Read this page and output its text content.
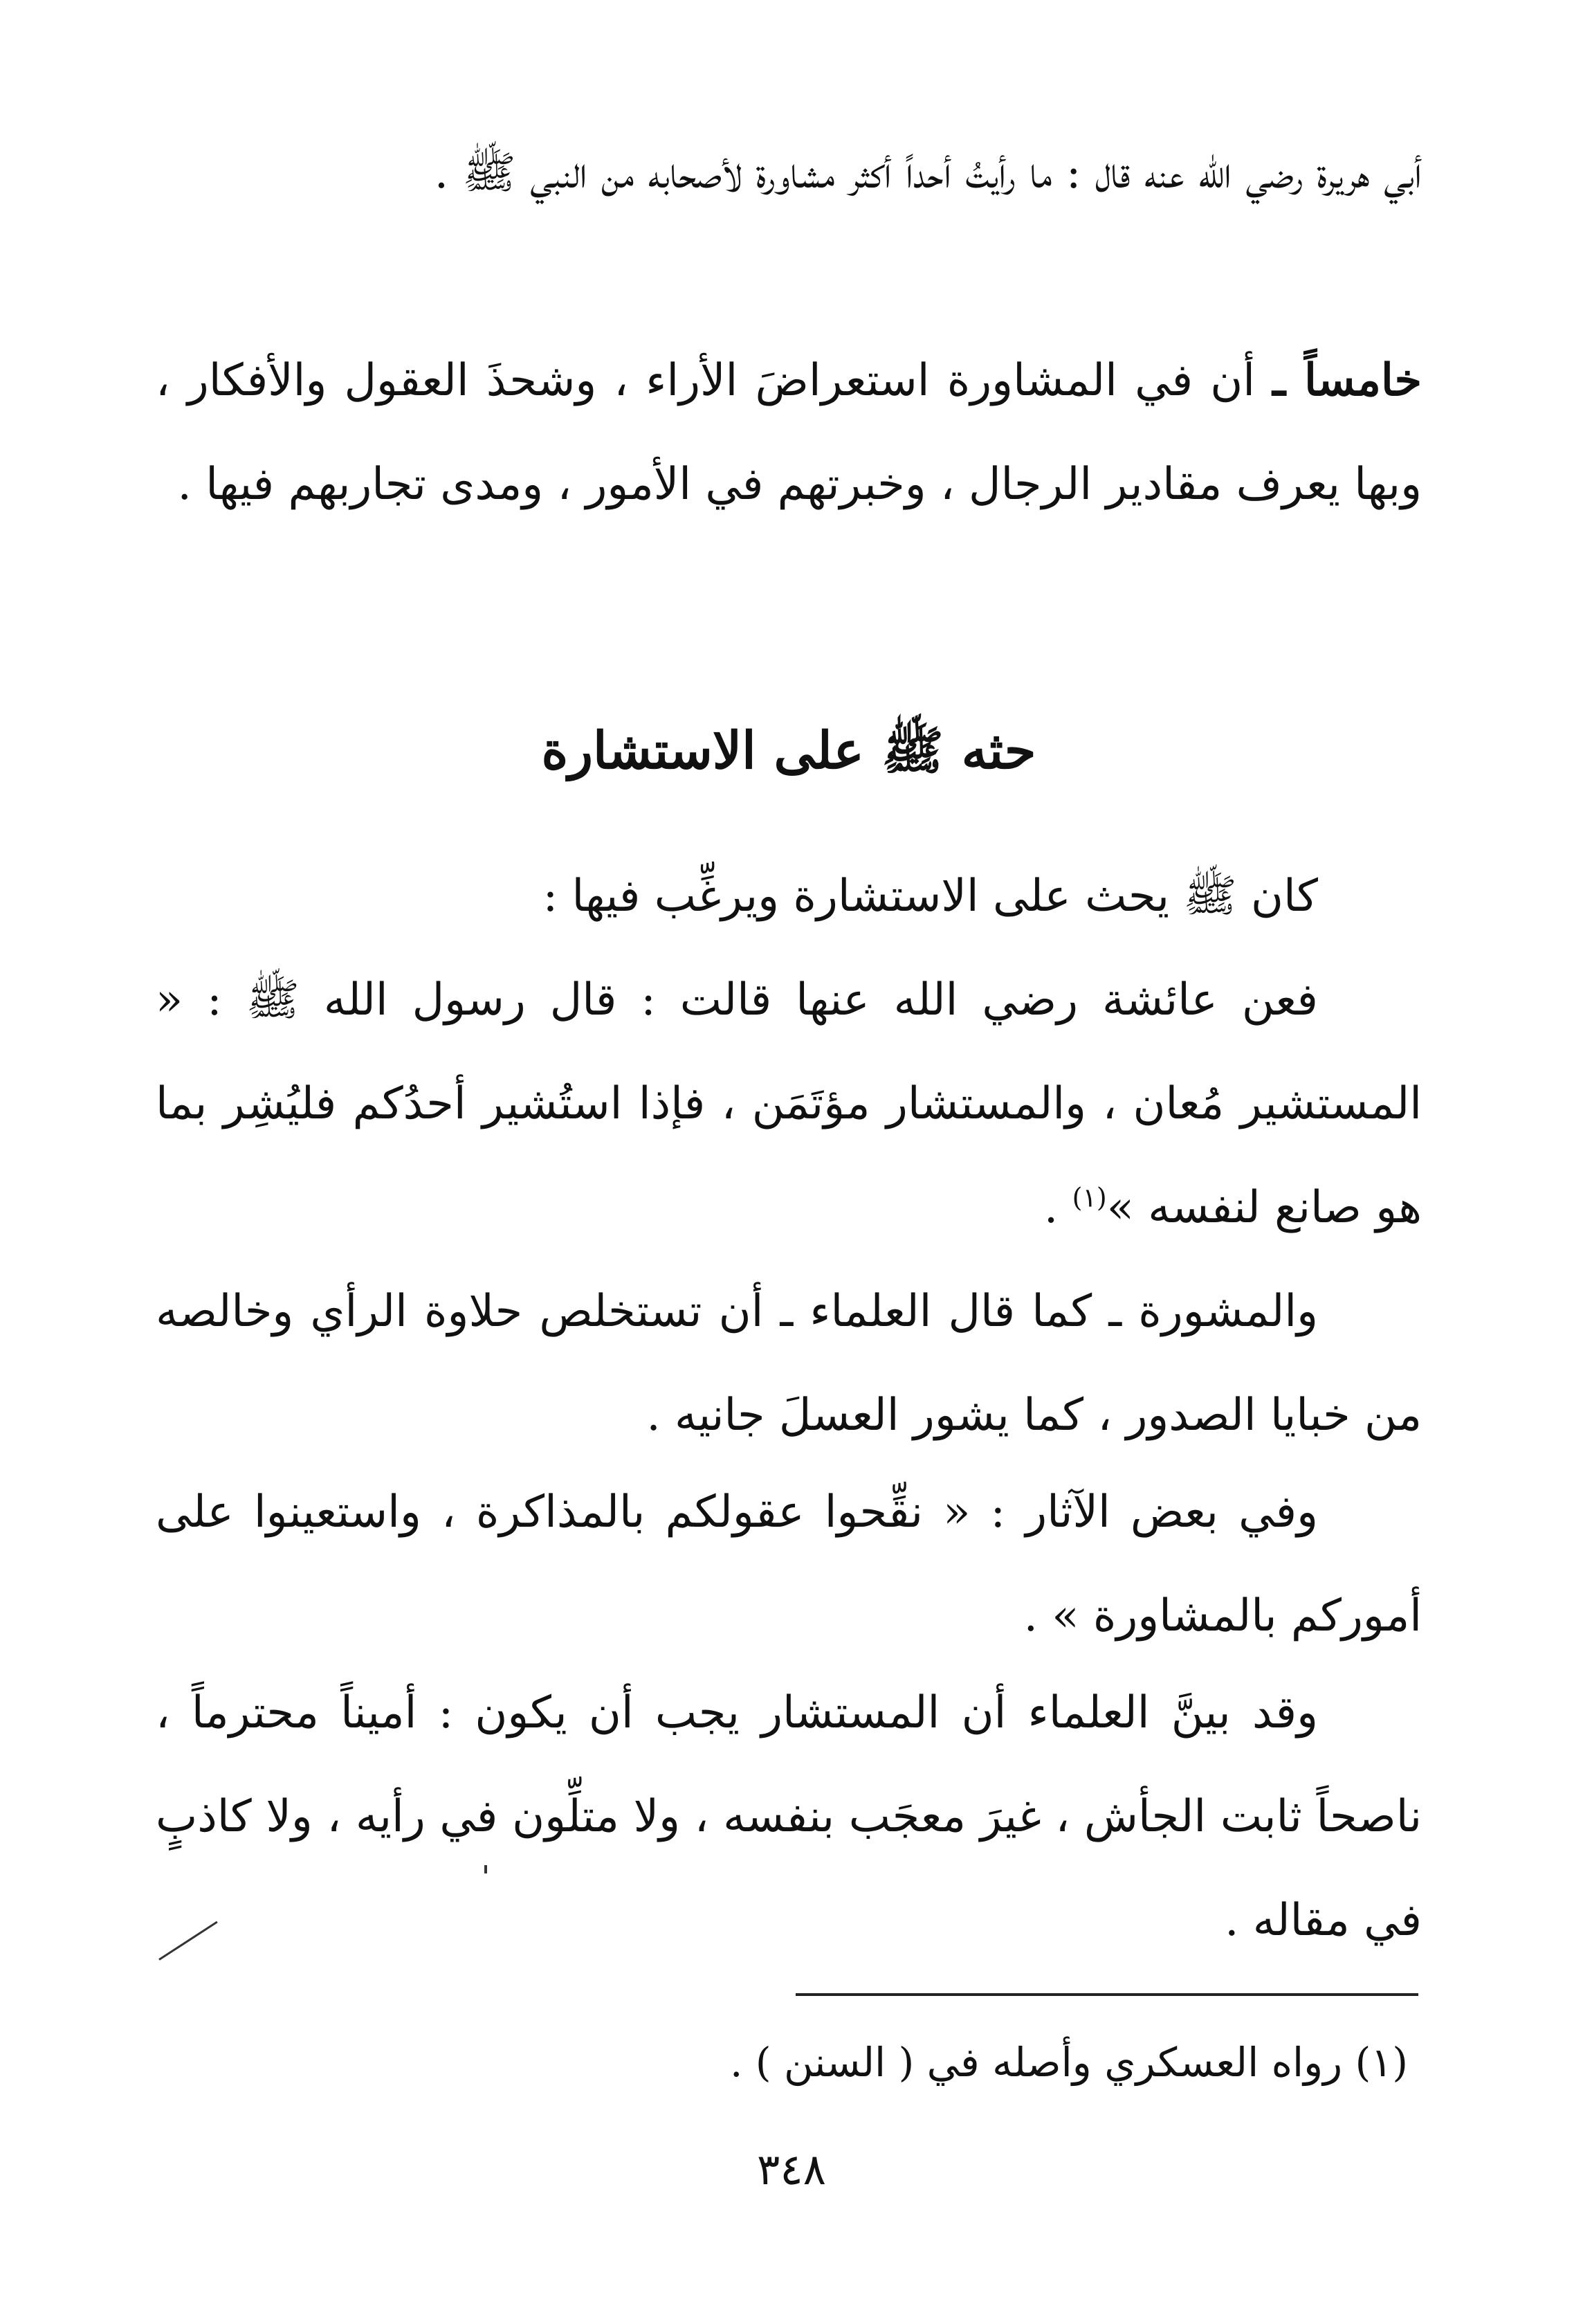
أبي هريرة رضي الله عنه قال : ما رأيتُ أحداً أكثر مشاورة لأصحابه من النبي ﷺ .

خامساً ـ أن في المشاورة استعراضَ الأراء ، وشحذَ العقول والأفكار ، وبها يعرف مقادير الرجال ، وخبرتهم في الأمور ، ومدى تجاربهم فيها .

حثه ﷺ على الاستشارة

كان ﷺ يحث على الاستشارة ويرغِّب فيها :

فعن عائشة رضي الله عنها قالت : قال رسول الله ﷺ : « المستشير مُعان ، والمستشار مؤتَمَن ، فإذا استُشير أحدُكم فليُشِر بما هو صانع لنفسه »$^{(١)}$ .

والمشورة ـ كما قال العلماء ـ أن تستخلص حلاوة الرأي وخالصه من خبايا الصدور ، كما يشور العسلَ جانيه .

وفي بعض الآثار : « نقِّحوا عقولكم بالمذاكرة ، واستعينوا على أموركم بالمشاورة » .

وقد بينَّ العلماء أن المستشار يجب أن يكون : أميناً محترماً ، ناصحاً ثابت الجأش ، غيرَ معجَب بنفسه ، ولا متلِّون في رأيه ، ولا كاذبٍ في مقاله .

(١) رواه العسكري وأصله في ( السنن ) .

٣٤٨
